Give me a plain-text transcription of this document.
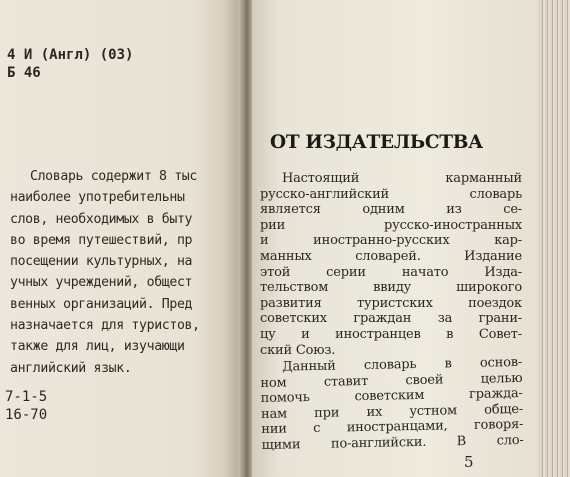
4 И (Англ) (03)
Б 46
Словарь содержит 8 тыс
наиболее употребительны
слов, необходимых в быту
во время путешествий, пр
посещении культурных, на
учных учреждений, общест
венных организаций. Пред
назначается для туристов,
также для лиц, изучающи
английский язык.
7-1-5
16-70
ОТ ИЗДАТЕЛЬСТВА
Настоящий карманный
русско-английский словарь
является одним из се-
рии русско-иностранных
и иностранно-русских кар-
манных словарей. Издание
этой серии начато Изда-
тельством ввиду широкого
развития туристских поездок
советских граждан за грани-
цу и иностранцев в Совет-
ский Союз.
Данный словарь в основ-
ном ставит своей целью
помочь советским гражда-
нам при их устном обще-
нии с иностранцами, говоря-
щими по-английски. В сло-
5
